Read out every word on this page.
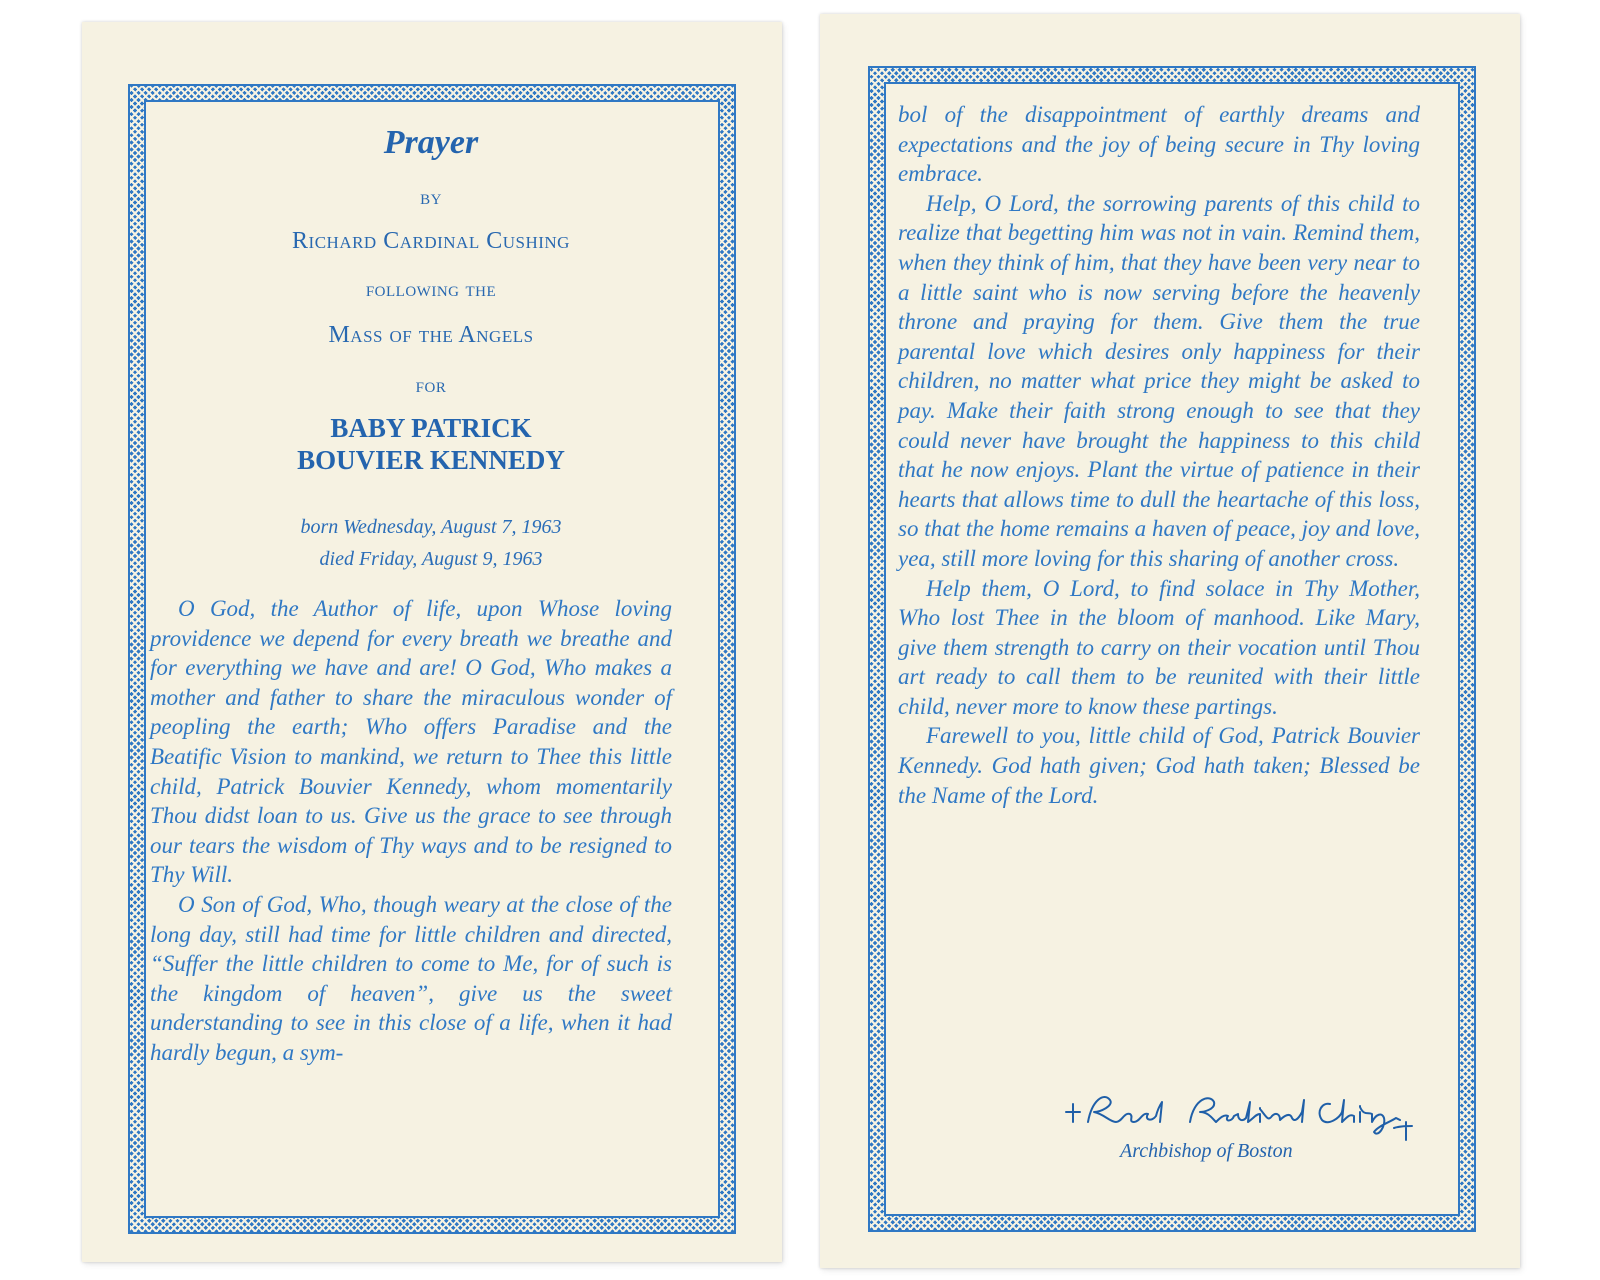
Prayer
by
Richard Cardinal Cushing
following the
Mass of the Angels
for
BABY PATRICK
BOUVIER KENNEDY
born Wednesday, August 7, 1963
died Friday, August 9, 1963

O God, the Author of life, upon Whose loving providence we depend for every breath we breathe and for everything we have and are! O God, Who makes a mother and father to share the miraculous wonder of peopling the earth; Who offers Paradise and the Beatific Vision to mankind, we return to Thee this little child, Patrick Bouvier Kennedy, whom momentarily Thou didst loan to us. Give us the grace to see through our tears the wisdom of Thy ways and to be resigned to Thy Will.

O Son of God, Who, though weary at the close of the long day, still had time for little children and directed, “Suffer the little children to come to Me, for of such is the kingdom of heaven”, give us the sweet understanding to see in this close of a life, when it had hardly begun, a sym-

bol of the disappointment of earthly dreams and expectations and the joy of being secure in Thy loving embrace.

Help, O Lord, the sorrowing parents of this child to realize that begetting him was not in vain. Remind them, when they think of him, that they have been very near to a little saint who is now serving before the heavenly throne and praying for them. Give them the true parental love which desires only happiness for their children, no matter what price they might be asked to pay. Make their faith strong enough to see that they could never have brought the happiness to this child that he now enjoys. Plant the virtue of patience in their hearts that allows time to dull the heartache of this loss, so that the home remains a haven of peace, joy and love, yea, still more loving for this sharing of another cross.

Help them, O Lord, to find solace in Thy Mother, Who lost Thee in the bloom of manhood. Like Mary, give them strength to carry on their vocation until Thou art ready to call them to be reunited with their little child, never more to know these partings.

Farewell to you, little child of God, Patrick Bouvier Kennedy. God hath given; God hath taken; Blessed be the Name of the Lord.

Archbishop of Boston
